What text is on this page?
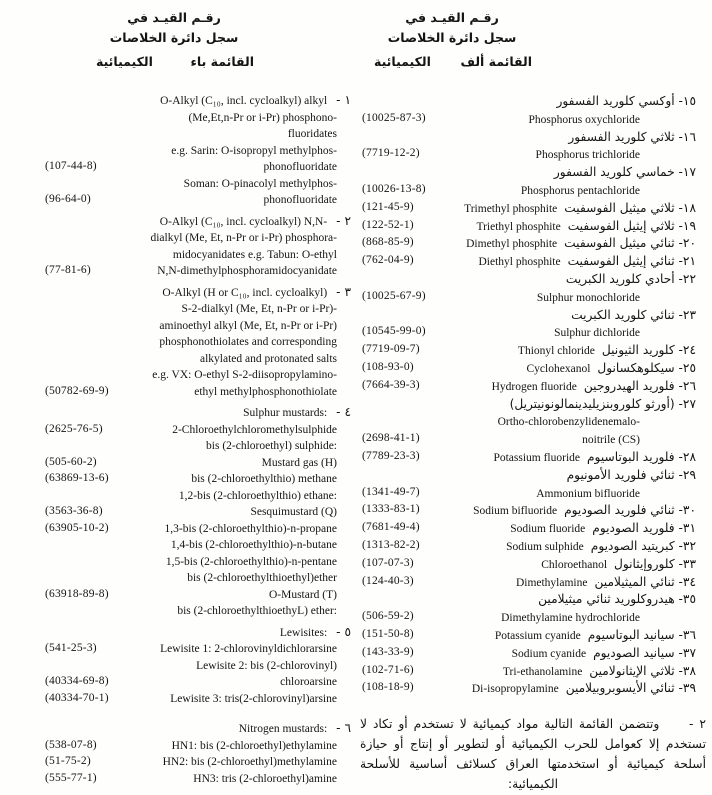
رقـم القيـد في
سجل دائرة الخلاصات
الكيميائية	القائمة باء
رقـم القيـد في
سجل دائرة الخلاصات
الكيميائية القائمة ألف
١ -O-Alkyl (C₁₀, incl. cycloalkyl) alkyl
(Me,Et,n-Pr or i-Pr) phosphono-
fluoridates
e.g. Sarin: O-isopropyl methylphos-
(107-44-8)	phonofluoridate
Soman: O-pinacolyl methylphos-
(96-64-0)	phonofluoridate
٢ -O-Alkyl (C₁₀, incl. cycloalkyl) N,N-
dialkyl (Me, Et, n-Pr or i-Pr) phosphora-
midocyanidates e.g. Tabun: O-ethyl
(77-81-6)	N,N-dimethylphosphoramidocyanidate
٣ -O-Alkyl (H or C₁₀, incl. cycloalkyl)
S-2-dialkyl (Me, Et, n-Pr or i-Pr)-
aminoethyl alkyl (Me, Et, n-Pr or i-Pr)
phosphonothiolates and corresponding
alkylated and protonated salts
e.g. VX: O-ethyl S-2-diisopropylamino-
(50782-69-9)	ethyl methylphosphonothiolate
٤ -Sulphur mustards:
(2625-76-5)	2-Chloroethylchloromethylsulphide
bis (2-chloroethyl) sulphide:
(505-60-2)	Mustard gas (H)
(63869-13-6)	bis (2-chloroethylthio) methane
1,2-bis (2-chloroethylthio) ethane:
(3563-36-8)	Sesquimustard (Q)
(63905-10-2)	1,3-bis (2-chloroethylthio)-n-propane
1,4-bis (2-chloroethylthio)-n-butane
1,5-bis (2-chloroethylthio)-n-pentane
bis (2-chloroethylthioethyl)ether
(63918-89-8)	O-Mustard (T)
bis (2-chloroethylthioethyL) ether:
٥ -Lewisites:
(541-25-3)	Lewisite 1: 2-chlorovinyldichlorarsine
Lewisite 2: bis (2-chlorovinyl)
(40334-69-8)	chloroarsine
(40334-70-1)	Lewisite 3: tris(2-chlorovinyl)arsine
٦ -Nitrogen mustards:
(538-07-8)	HN1: bis (2-chloroethyl)ethylamine
(51-75-2)	HN2: bis (2-chloroethyl)methylamine
(555-77-1)	HN3: tris (2-chloroethyl)amine
١٥- أوكسي كلوريد الفسفور
(10025-87-3)	Phosphorus oxychloride
١٦- ثلاثي كلوريد الفسفور
(7719-12-2)	Phosphorus trichloride
١٧- خماسي كلوريد الفسفور
(10026-13-8)	Phosphorus pentachloride
(121-45-9)	١٨- ثلاثي ميثيل الفوسفيتTrimethyl phosphite
(122-52-1)	١٩- ثلاثي إيثيل الفوسفيتTriethyl phosphite
(868-85-9)	٢٠- ثنائي ميثيل الفوسفيتDimethyl phosphite
(762-04-9)	٢١- ثنائي إيثيل الفوسفيتDiethyl phosphite
٢٢- أحادي كلوريد الكبريت
(10025-67-9)	Sulphur monochloride
٢٣- ثنائي كلوريد الكبريت
(10545-99-0)	Sulphur dichloride
(7719-09-7)	٢٤- كلوريد الثيونيلThionyl chloride
(108-93-0)	٢٥- سيكلوهكسانولCyclohexanol
(7664-39-3)	٢٦- فلوريد الهيدروجينHydrogen fluoride
٢٧- (أورثو كلوروبنزيليدينمالونونيتريل)
Ortho-chlorobenzylidenemalo-
(2698-41-1)	noitrile (CS)
(7789-23-3)	٢٨- فلوريد البوتاسيومPotassium fluoride
٢٩- ثنائي فلوريد الأمونيوم
(1341-49-7)	Ammonium bifluoride
(1333-83-1)	٣٠- ثنائي فلوريد الصوديومSodium bifluoride
(7681-49-4)	٣١- فلوريد الصوديومSodium fluoride
(1313-82-2)	٣٢- كبريتيد الصوديومSodium sulphide
(107-07-3)	٣٣- كلوروإيثانولChloroethanol
(124-40-3)	٣٤- ثنائي الميثيلامينDimethylamine
٣٥- هيدروكلوريد ثنائي ميثيلامين
(506-59-2)	Dimethylamine hydrochloride
(151-50-8)	٣٦- سيانيد البوتاسيومPotassium cyanide
(143-33-9)	٣٧- سيانيد الصوديومSodium cyanide
(102-71-6)	٣٨- ثلاثي الإيثانولامينTri-ethanolamine
(108-18-9)	٣٩- ثنائي الأيسوبروبيلامينDi-isopropylamine

٢ -     وتتضمن القائمة التالية مواد كيميائية لا تستخدم أو تكاد لا تستخدم إلا كعوامل للحرب الكيميائية أو لتطوير أو إنتاج أو حيازة أسلحة كيميائية أو استخدمتها العراق كسلائف أساسية للأسلحة الكيميائية:
